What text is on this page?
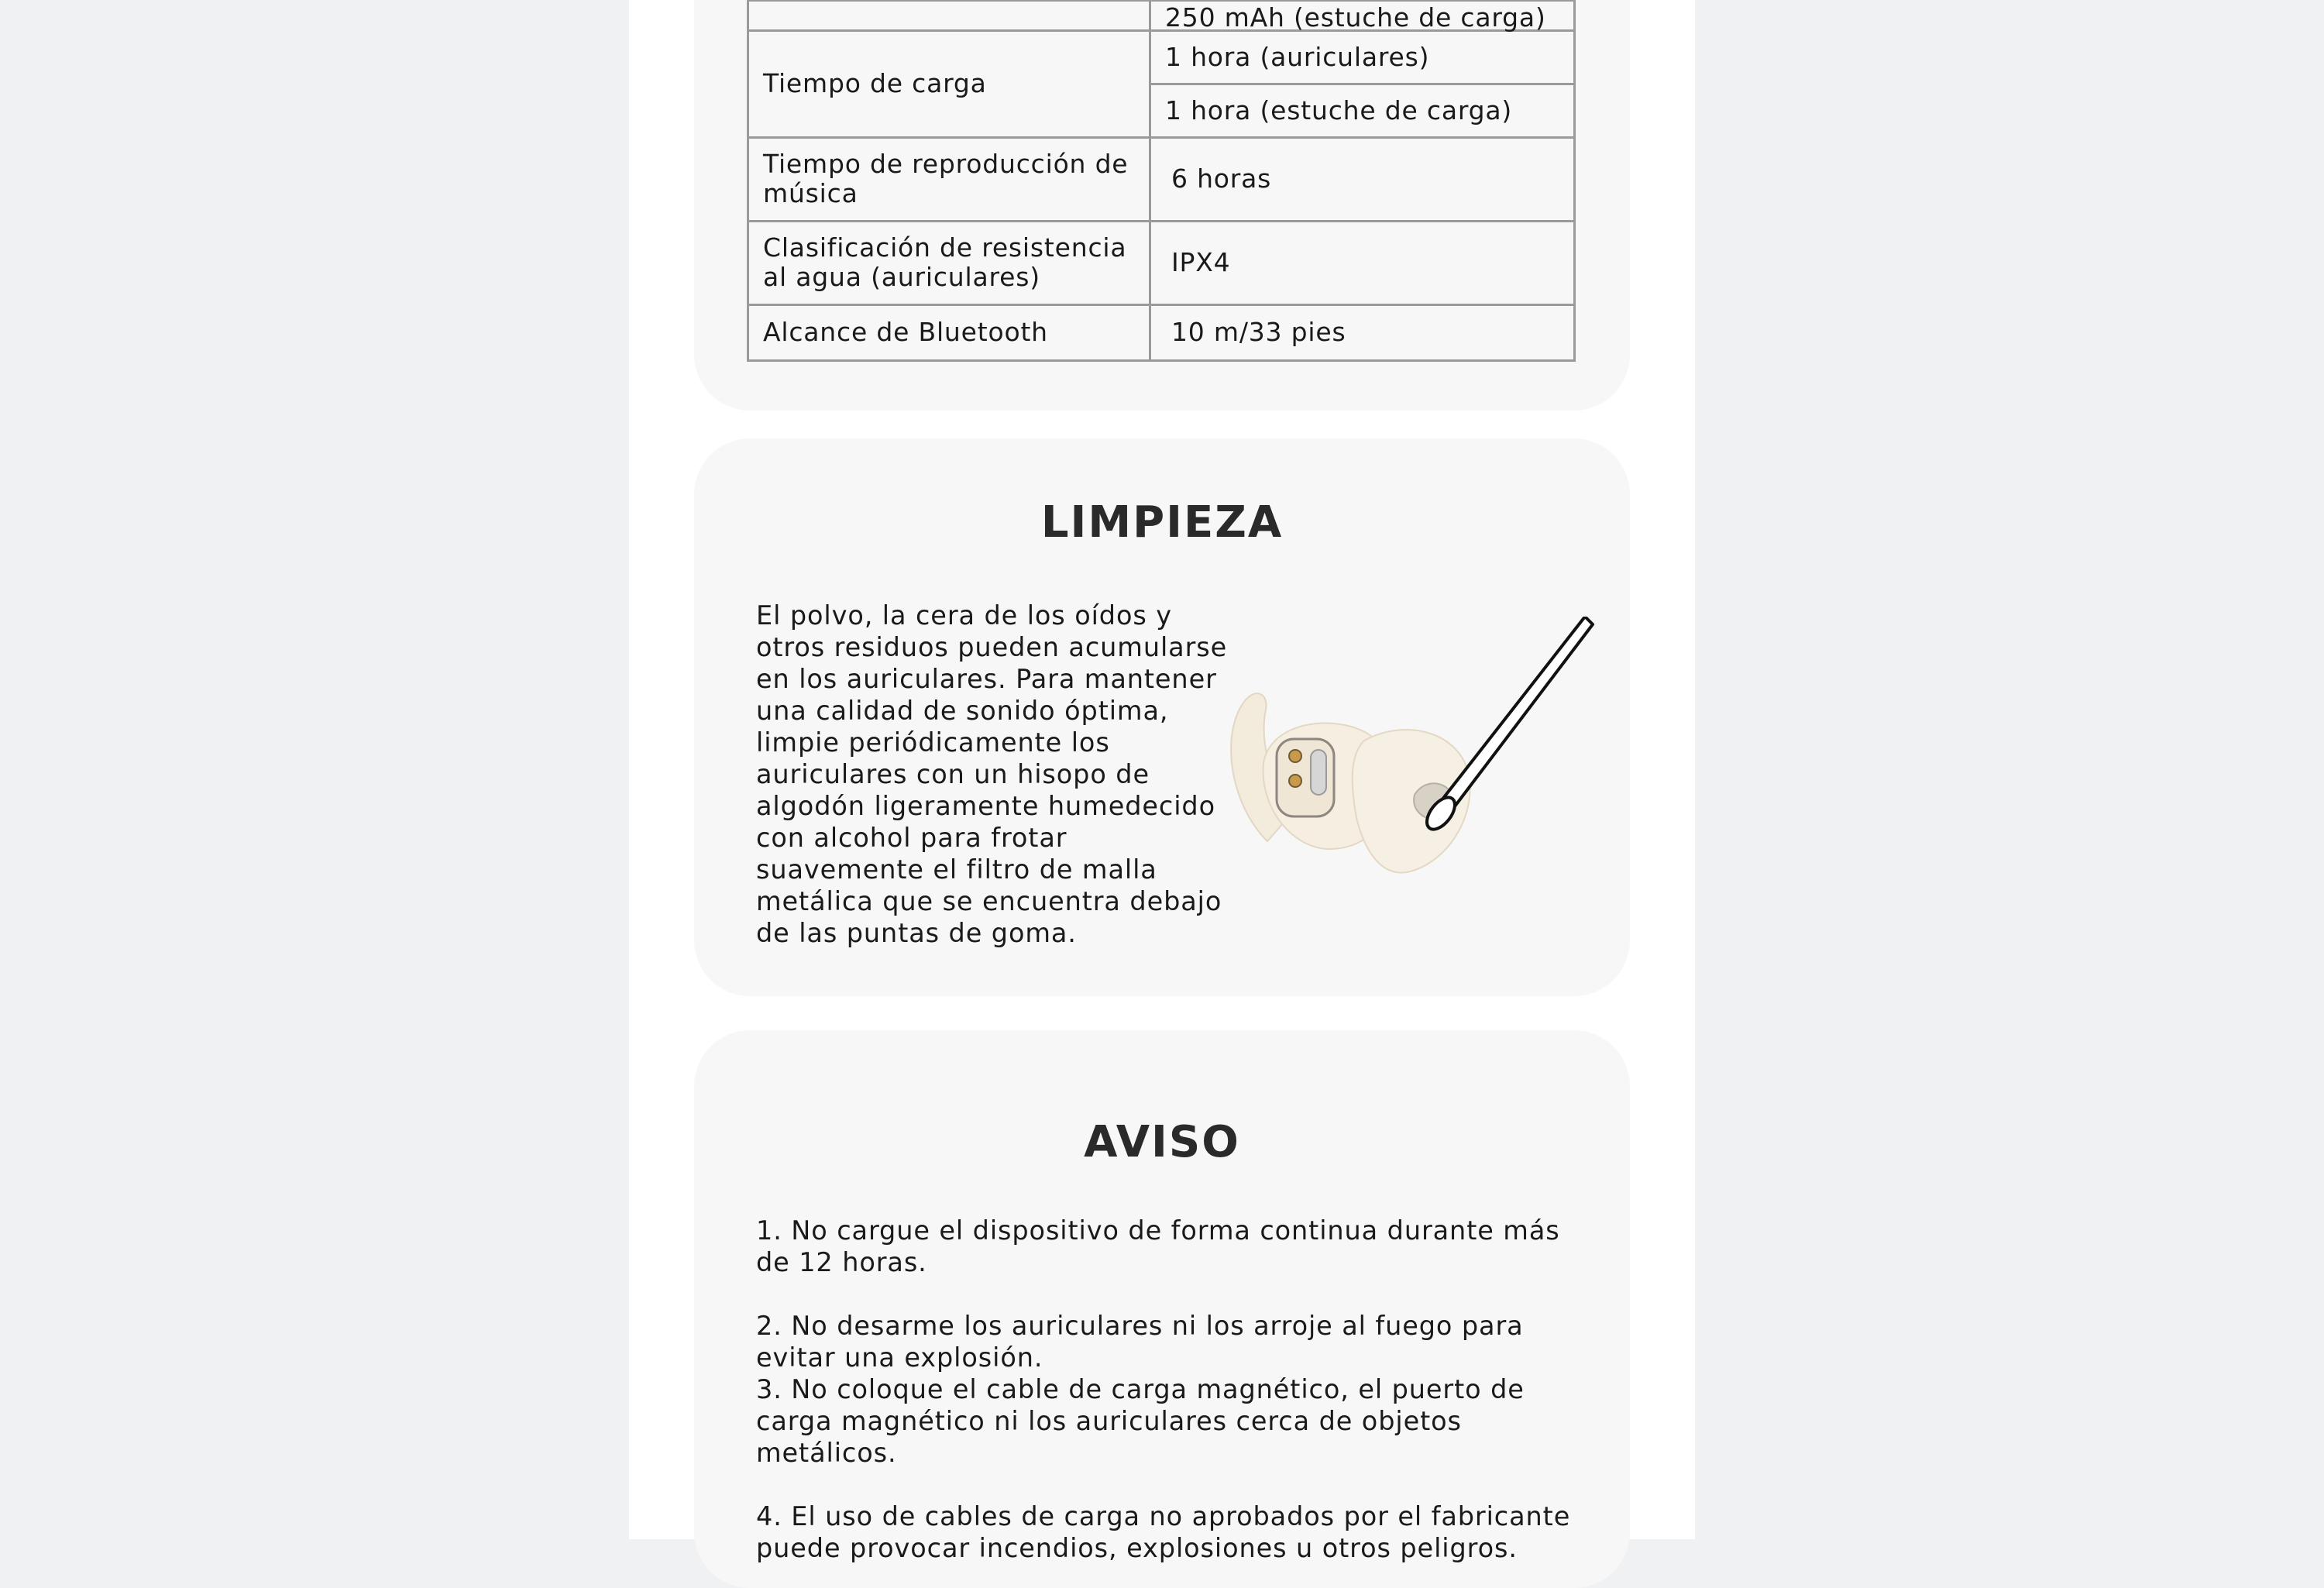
	250 mAh (estuche de carga)
Tiempo de carga	1 hora (auriculares)
	1 hora (estuche de carga)
Tiempo de reproducción de música	6 horas
Clasificación de resistencia al agua (auriculares)	IPX4
Alcance de Bluetooth	10 m/33 pies
LIMPIEZA

El polvo, la cera de los oídos y otros residuos pueden acumularse en los auriculares. Para mantener una calidad de sonido óptima, limpie periódicamente los auriculares con un hisopo de algodón ligeramente humedecido con alcohol para frotar suavemente el filtro de malla metálica que se encuentra debajo de las puntas de goma.

AVISO
1. No cargue el dispositivo de forma continua durante más de 12 horas.
2. No desarme los auriculares ni los arroje al fuego para evitar una explosión.
3. No coloque el cable de carga magnético, el puerto de carga magnético ni los auriculares cerca de objetos metálicos.
4. El uso de cables de carga no aprobados por el fabricante puede provocar incendios, explosiones u otros peligros.
